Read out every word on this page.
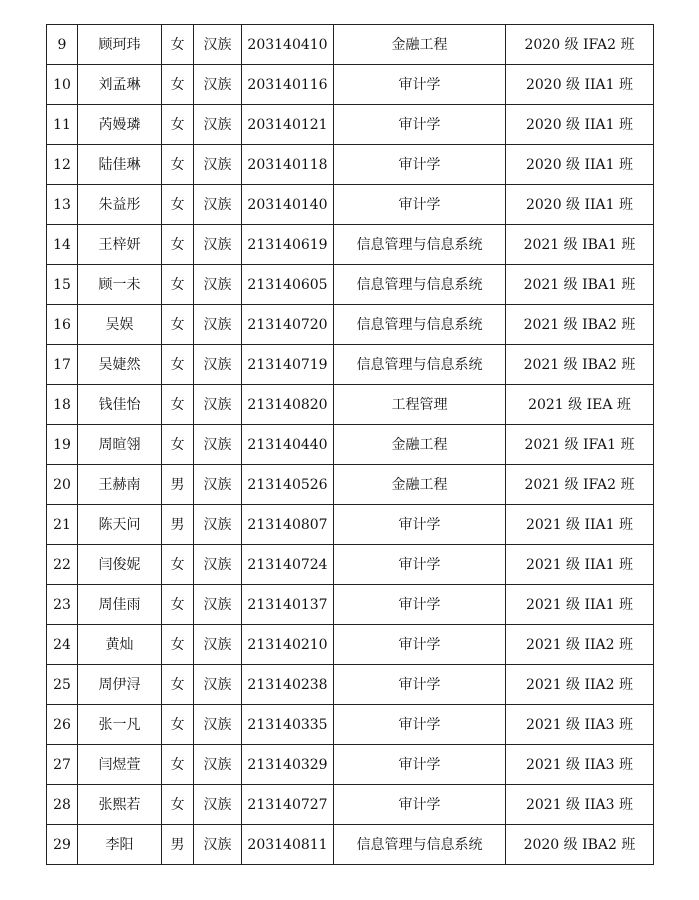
9	顾珂玮	女	汉族	203140410	金融工程	2020 级 IFA2 班
10	刘孟琳	女	汉族	203140116	审计学	2020 级 IIA1 班
11	芮嫚璘	女	汉族	203140121	审计学	2020 级 IIA1 班
12	陆佳琳	女	汉族	203140118	审计学	2020 级 IIA1 班
13	朱益彤	女	汉族	203140140	审计学	2020 级 IIA1 班
14	王梓妍	女	汉族	213140619	信息管理与信息系统	2021 级 IBA1 班
15	顾一未	女	汉族	213140605	信息管理与信息系统	2021 级 IBA1 班
16	吴娱	女	汉族	213140720	信息管理与信息系统	2021 级 IBA2 班
17	吴婕然	女	汉族	213140719	信息管理与信息系统	2021 级 IBA2 班
18	钱佳怡	女	汉族	213140820	工程管理	2021 级 IEA 班
19	周暄翎	女	汉族	213140440	金融工程	2021 级 IFA1 班
20	王赫南	男	汉族	213140526	金融工程	2021 级 IFA2 班
21	陈天问	男	汉族	213140807	审计学	2021 级 IIA1 班
22	闫俊妮	女	汉族	213140724	审计学	2021 级 IIA1 班
23	周佳雨	女	汉族	213140137	审计学	2021 级 IIA1 班
24	黄灿	女	汉族	213140210	审计学	2021 级 IIA2 班
25	周伊浔	女	汉族	213140238	审计学	2021 级 IIA2 班
26	张一凡	女	汉族	213140335	审计学	2021 级 IIA3 班
27	闫煜萱	女	汉族	213140329	审计学	2021 级 IIA3 班
28	张熙若	女	汉族	213140727	审计学	2021 级 IIA3 班
29	李阳	男	汉族	203140811	信息管理与信息系统	2020 级 IBA2 班
